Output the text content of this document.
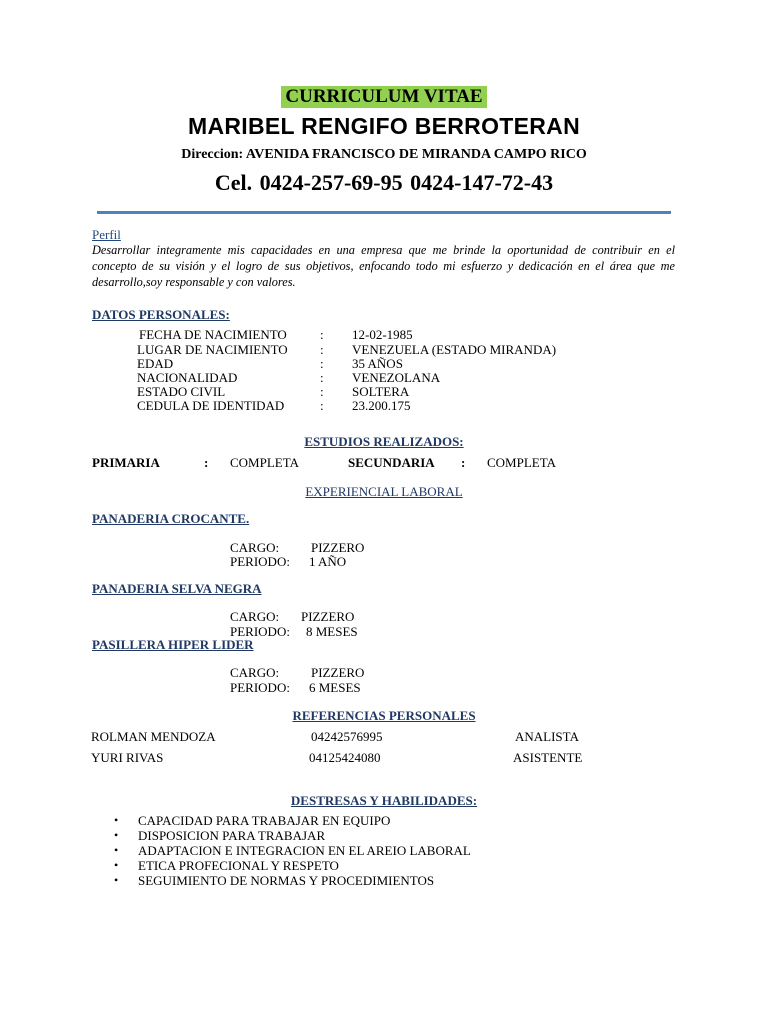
CURRICULUM VITAE
MARIBEL RENGIFO BERROTERAN
Direccion: AVENIDA FRANCISCO DE MIRANDA CAMPO RICO
Cel. 0424-257-69-95 0424-147-72-43
Perfil
Desarrollar integramente mis capacidades en una empresa que me brinde la oportunidad de contribuir en el concepto de su visión y el logro de sus objetivos, enfocando todo mi esfuerzo y dedicación en el área que me desarrollo,soy responsable y con valores.
DATOS PERSONALES:
FECHA DE NACIMIENTO	: 12-02-1985
LUGAR DE NACIMIENTO : VENEZUELA (ESTADO MIRANDA)
EDAD	: 35 AÑOS
NACIONALIDAD	: VENEZOLANA
ESTADO CIVIL	: SOLTERA
CEDULA DE IDENTIDAD	: 23.200.175
ESTUDIOS REALIZADOS:
PRIMARIA	: COMPLETA	SECUNDARIA : COMPLETA
EXPERIENCIAL LABORAL
PANADERIA CROCANTE.
CARGO: PIZZERO
PERIODO: 1 AÑO
PANADERIA SELVA NEGRA
CARGO: PIZZERO
PERIODO: 8 MESES
PASILLERA HIPER LIDER
CARGO: PIZZERO
PERIODO: 6 MESES
REFERENCIAS PERSONALES
ROLMAN MENDOZA	04242576995	ANALISTA
YURI RIVAS	04125424080	ASISTENTE
DESTRESAS Y HABILIDADES:
• CAPACIDAD PARA TRABAJAR EN EQUIPO
• DISPOSICION PARA TRABAJAR
• ADAPTACION E INTEGRACION EN EL AREIO LABORAL
• ETICA PROFECIONAL Y RESPETO
• SEGUIMIENTO DE NORMAS Y PROCEDIMIENTOS
